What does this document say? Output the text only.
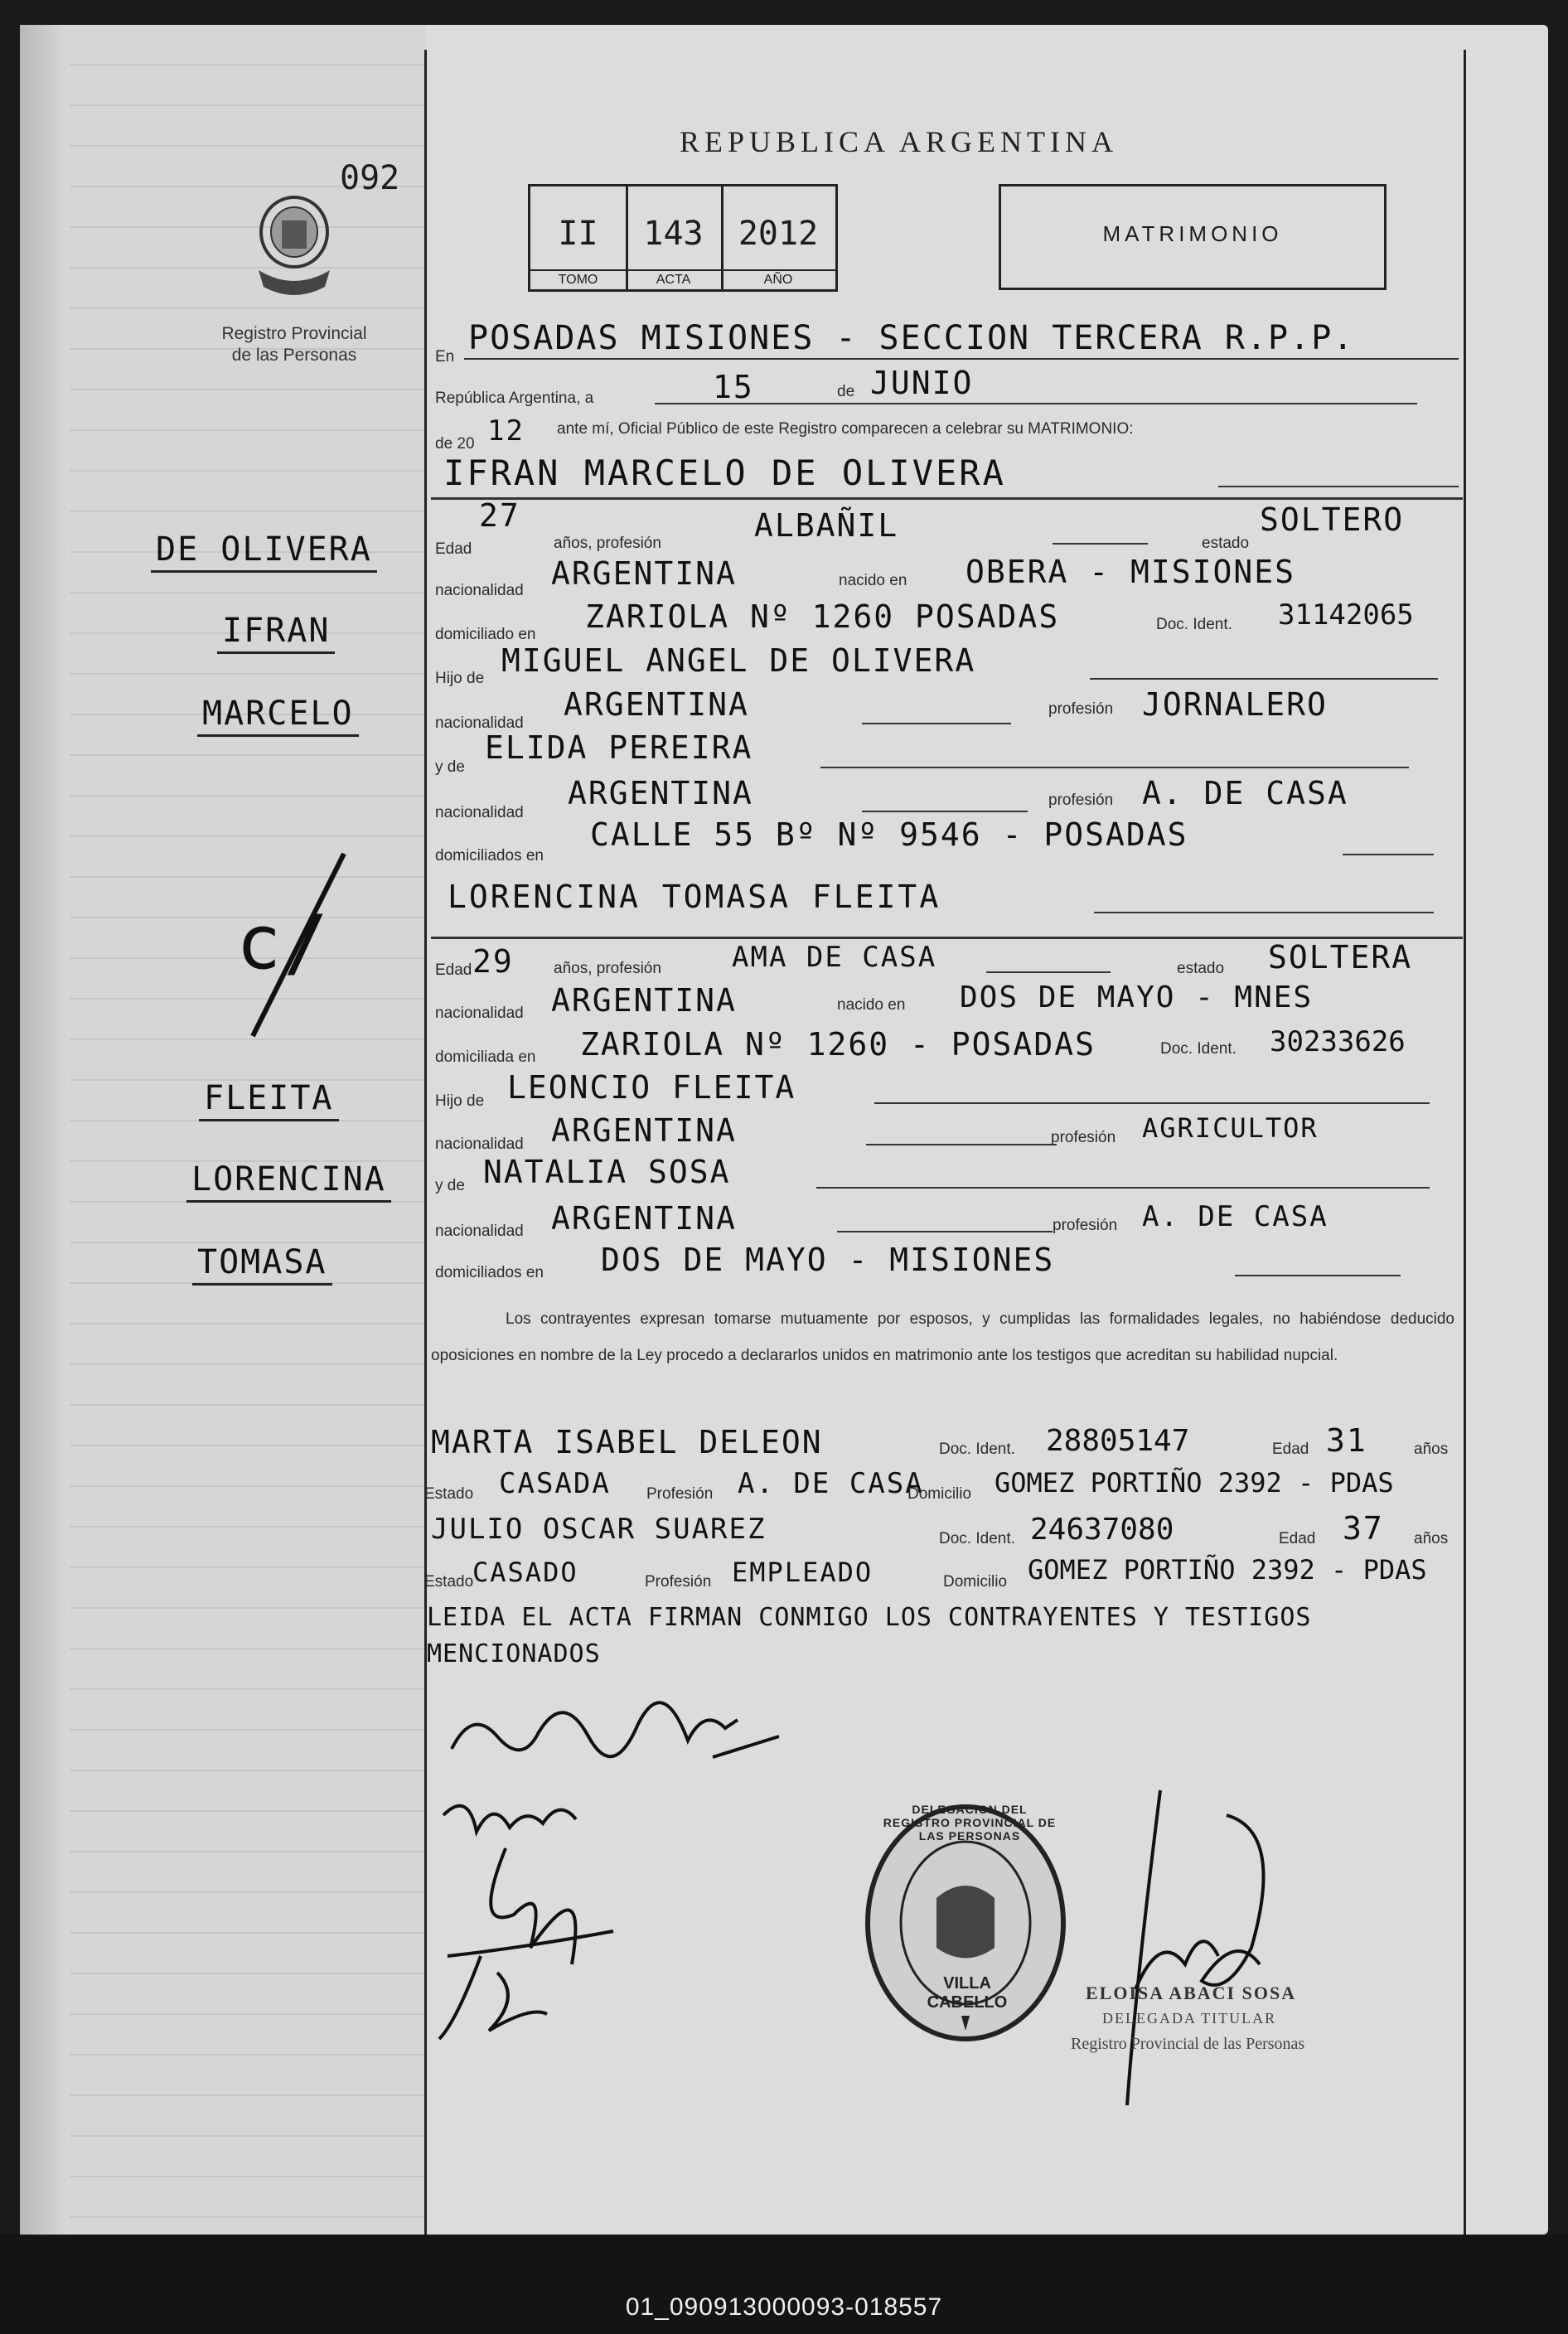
092
Registro Provincial
de las Personas
REPUBLICA ARGENTINA
II
TOMO
143
ACTA
2012
AÑO
MATRIMONIO
En POSADAS MISIONES - SECCION TERCERA R.P.P.
República Argentina, a	15	de JUNIO
de 20 12 ante mí, Oficial Público de este Registro comparecen a celebrar su MATRIMONIO:
IFRAN MARCELO DE OLIVERA
Edad
27
años, profesión	ALBAÑIL	estado
SOLTERO
nacionalidad ARGENTINA	nacido en OBERA - MISIONES
domiciliado en ZARIOLA Nº 1260 POSADAS	Doc. Ident. 31142065
Hijo de MIGUEL ANGEL DE OLIVERA
nacionalidad
ARGENTINA	profesión JORNALERO
y de
ELIDA PEREIRA
nacionalidad
ARGENTINA	profesión A. DE CASA
domiciliados en
CALLE 55 Bº Nº 9546 - POSADAS
LORENCINA TOMASA FLEITA
Edad 29	años, profesión	AMA DE CASA	estado SOLTERA
nacionalidad ARGENTINA	nacido en DOS DE MAYO - MNES
domiciliada en ZARIOLA Nº 1260 - POSADAS	Doc. Ident. 30233626
Hijo de LEONCIO FLEITA
nacionalidad ARGENTINA	profesión AGRICULTOR
y de NATALIA SOSA
nacionalidad ARGENTINA	profesión A. DE CASA
domiciliados en DOS DE MAYO - MISIONES
Los contrayentes expresan tomarse mutuamente por esposos, y cumplidas las formalidades legales, no habiéndose deducido oposiciones en nombre de la Ley procedo a declararlos unidos en matrimonio ante los testigos que acreditan su habilidad nupcial.
MARTA ISABEL DELEON	Doc. Ident. 28805147	Edad 31	años
Estado CASADA Profesión A. DE CASA
Domicilio GOMEZ PORTIÑO 2392 - PDAS
JULIO OSCAR SUAREZ	Doc. Ident. 24637080	Edad 37 años
Estado
CASADO	Profesión EMPLEADO	Domicilio GOMEZ PORTIÑO 2392 - PDAS
LEIDA EL ACTA FIRMAN CONMIGO LOS CONTRAYENTES Y TESTIGOS MENCIONADOS
DE OLIVERA
IFRAN
MARCELO
c/
FLEITA
LORENCINA
TOMASA
DELEGACION DEL REGISTRO PROVINCIAL DE LAS PERSONAS
VILLA CABELLO	ELOISA ABACI SOSA
DELEGADA TITULAR
Registro Provincial de las Personas
01_090913000093-018557
